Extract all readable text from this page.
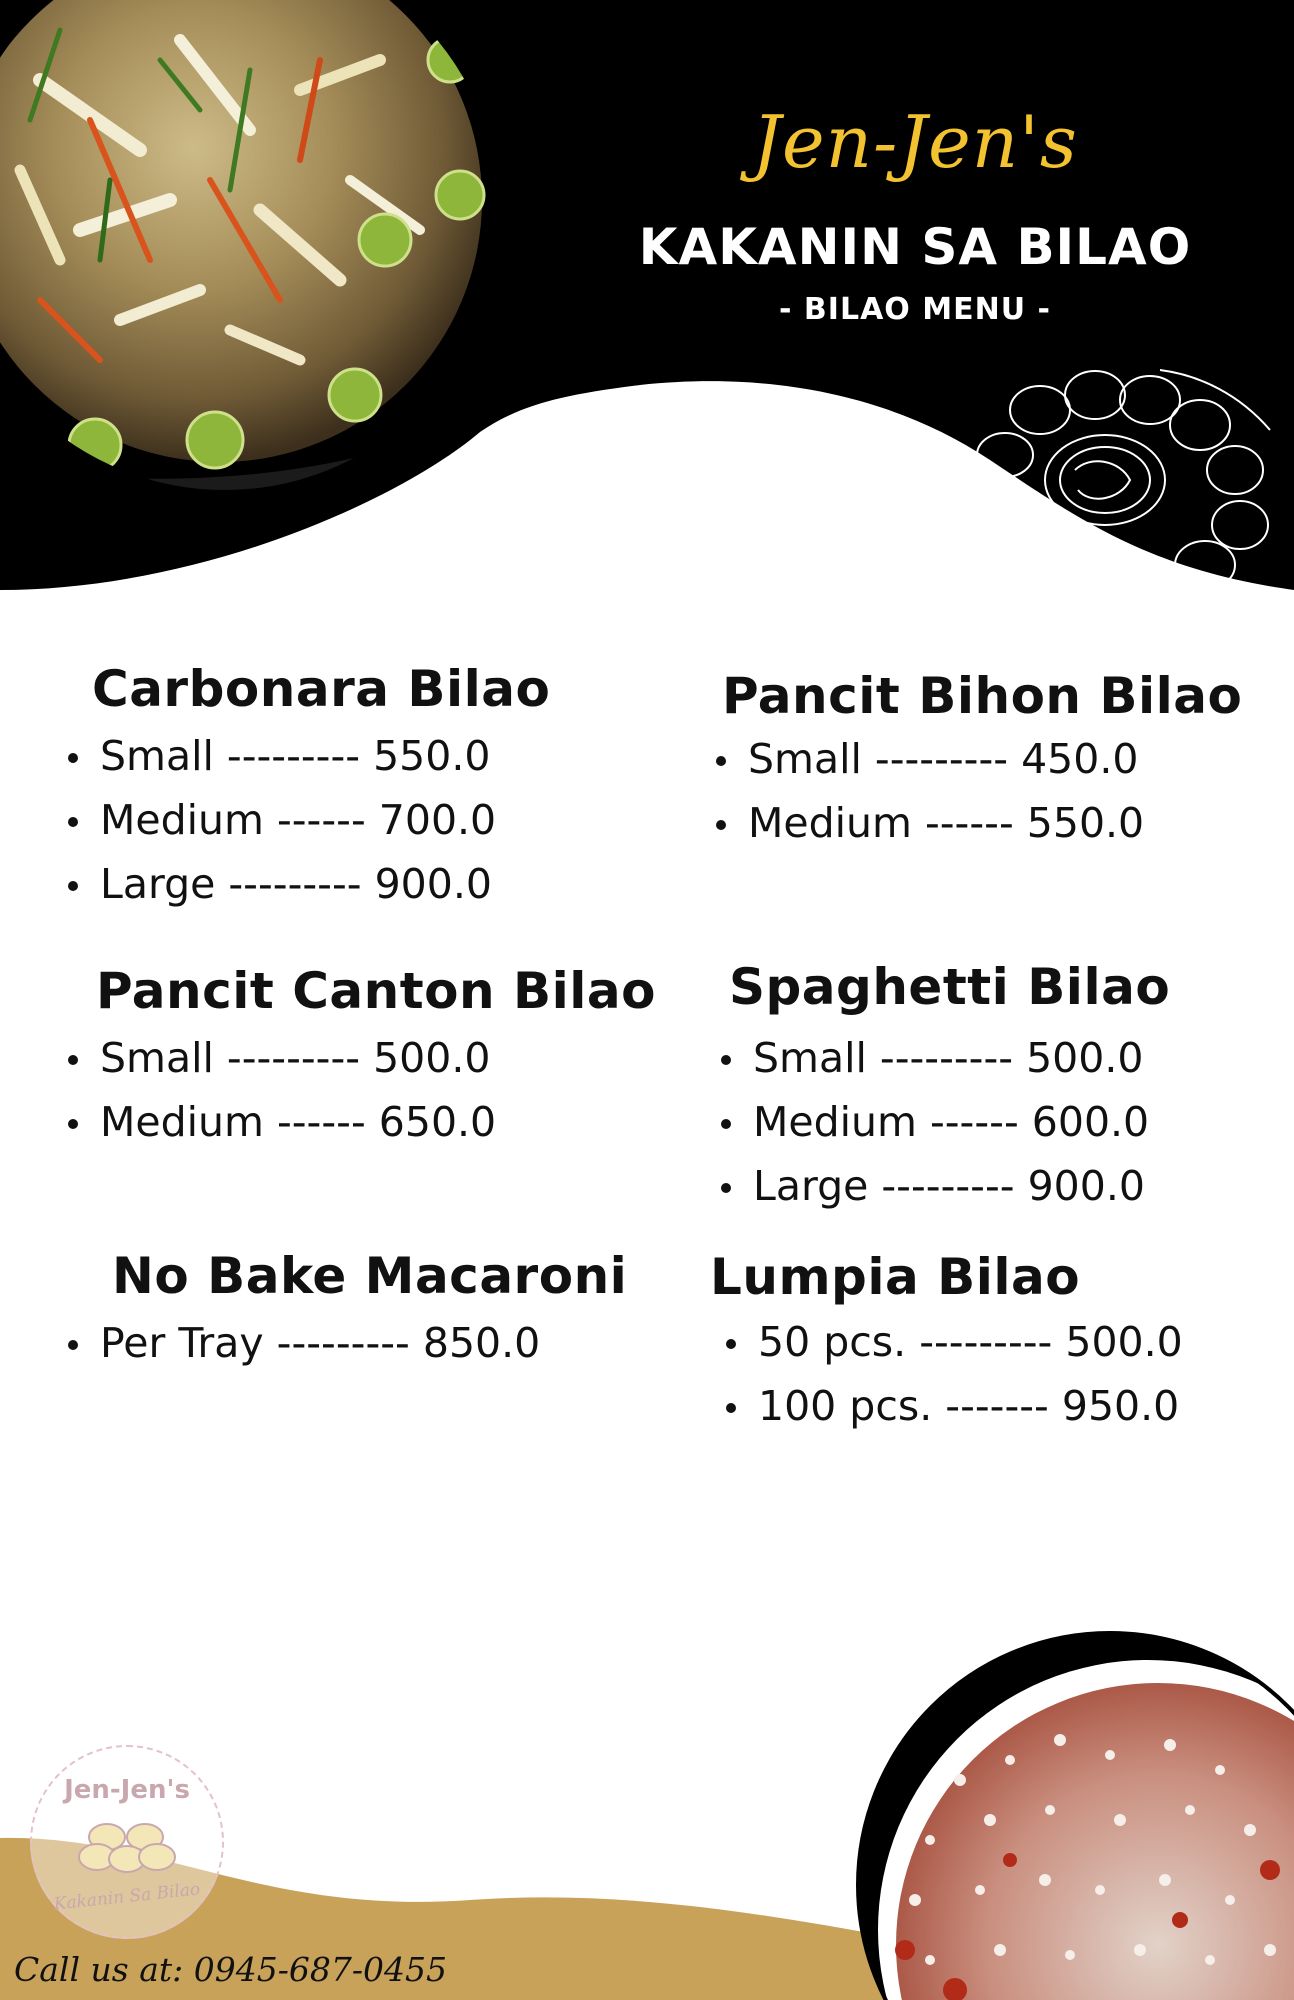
Jen-Jen's
KAKANIN SA BILAO
- BILAO MENU -
Carbonara Bilao
Small --------- 550.0
Medium ------ 700.0
Large --------- 900.0
Pancit Bihon Bilao
Small --------- 450.0
Medium ------ 550.0
Pancit Canton Bilao
Small --------- 500.0
Medium ------ 650.0
Spaghetti Bilao
Small --------- 500.0
Medium ------ 600.0
Large --------- 900.0
No Bake Macaroni
Per Tray --------- 850.0
Lumpia Bilao
50 pcs. --------- 500.0
100 pcs. ------- 950.0
Jen-Jen's
Kakanin Sa Bilao
Call us at: 0945-687-0455
